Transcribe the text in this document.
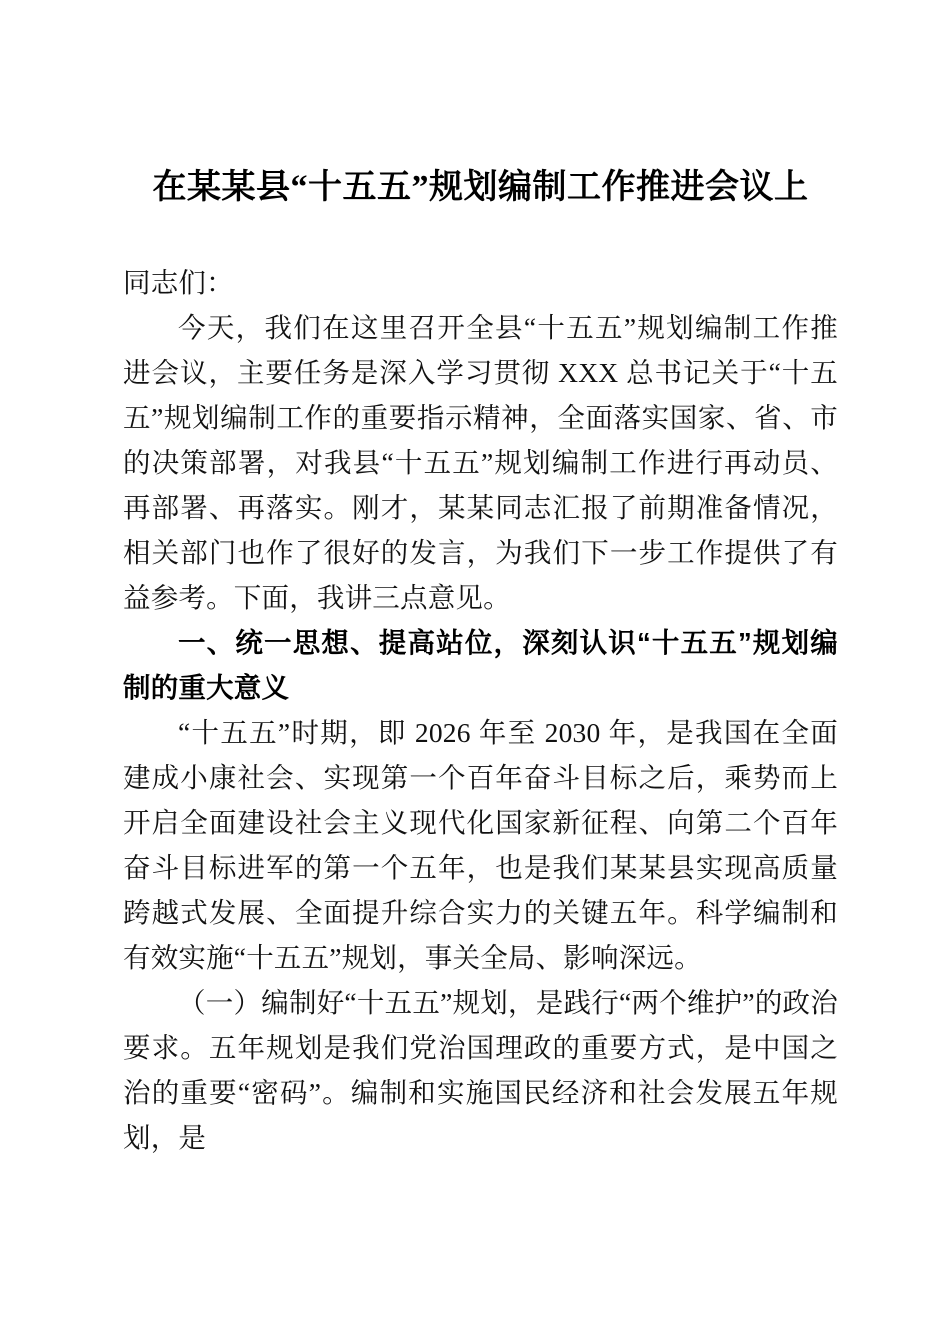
在某某县“十五五”规划编制工作推进会议上

同志们：

今天，我们在这里召开全县“十五五”规划编制工作推进会议，主要任务是深入学习贯彻 XXX 总书记关于“十五五”规划编制工作的重要指示精神，全面落实国家、省、市的决策部署，对我县“十五五”规划编制工作进行再动员、再部署、再落实。刚才，某某同志汇报了前期准备情况，相关部门也作了很好的发言，为我们下一步工作提供了有益参考。下面，我讲三点意见。

一、统一思想、提高站位，深刻认识“十五五”规划编制的重大意义

“十五五”时期，即 2026 年至 2030 年，是我国在全面建成小康社会、实现第一个百年奋斗目标之后，乘势而上开启全面建设社会主义现代化国家新征程、向第二个百年奋斗目标进军的第一个五年，也是我们某某县实现高质量跨越式发展、全面提升综合实力的关键五年。科学编制和有效实施“十五五”规划，事关全局、影响深远。

（一）编制好“十五五”规划，是践行“两个维护”的政治要求。五年规划是我们党治国理政的重要方式，是中国之治的重要“密码”。编制和实施国民经济和社会发展五年规划，是
